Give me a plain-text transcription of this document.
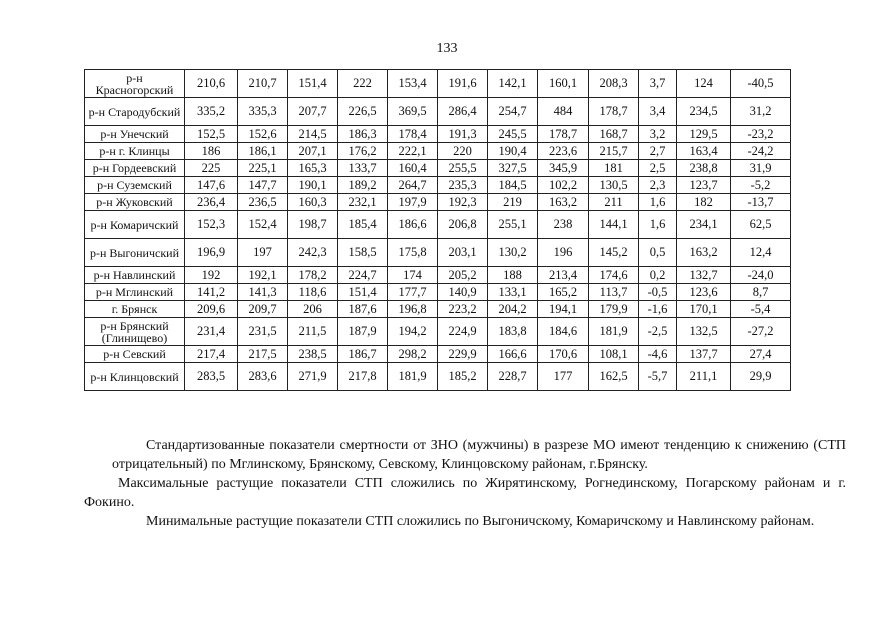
133
р-н Красногорский	210,6	210,7	151,4	222	153,4	191,6	142,1	160,1	208,3	3,7	124	-40,5
р-н Стародубский	335,2	335,3	207,7	226,5	369,5	286,4	254,7	484	178,7	3,4	234,5	31,2
р-н Унечский	152,5	152,6	214,5	186,3	178,4	191,3	245,5	178,7	168,7	3,2	129,5	-23,2
р-н г. Клинцы	186	186,1	207,1	176,2	222,1	220	190,4	223,6	215,7	2,7	163,4	-24,2
р-н Гордеевский	225	225,1	165,3	133,7	160,4	255,5	327,5	345,9	181	2,5	238,8	31,9
р-н Суземский	147,6	147,7	190,1	189,2	264,7	235,3	184,5	102,2	130,5	2,3	123,7	-5,2
р-н Жуковский	236,4	236,5	160,3	232,1	197,9	192,3	219	163,2	211	1,6	182	-13,7
р-н Комаричский	152,3	152,4	198,7	185,4	186,6	206,8	255,1	238	144,1	1,6	234,1	62,5
р-н Выгоничский	196,9	197	242,3	158,5	175,8	203,1	130,2	196	145,2	0,5	163,2	12,4
р-н Навлинский	192	192,1	178,2	224,7	174	205,2	188	213,4	174,6	0,2	132,7	-24,0
р-н Мглинский	141,2	141,3	118,6	151,4	177,7	140,9	133,1	165,2	113,7	-0,5	123,6	8,7
г. Брянск	209,6	209,7	206	187,6	196,8	223,2	204,2	194,1	179,9	-1,6	170,1	-5,4
р-н Брянский (Глинищево)	231,4	231,5	211,5	187,9	194,2	224,9	183,8	184,6	181,9	-2,5	132,5	-27,2
р-н Севский	217,4	217,5	238,5	186,7	298,2	229,9	166,6	170,6	108,1	-4,6	137,7	27,4
р-н Клинцовский	283,5	283,6	271,9	217,8	181,9	185,2	228,7	177	162,5	-5,7	211,1	29,9

Стандартизованные показатели смертности от ЗНО (мужчины) в разрезе МО имеют тенденцию к снижению (СТП отрицательный) по Мглинскому, Брянскому, Севскому, Клинцовскому районам, г.Брянску.

Максимальные растущие показатели СТП сложились по Жирятинскому, Рогнединскому, Погарскому районам и г. Фокино.

Минимальные растущие показатели СТП сложились по Выгоничскому, Комаричскому и Навлинскому районам.
